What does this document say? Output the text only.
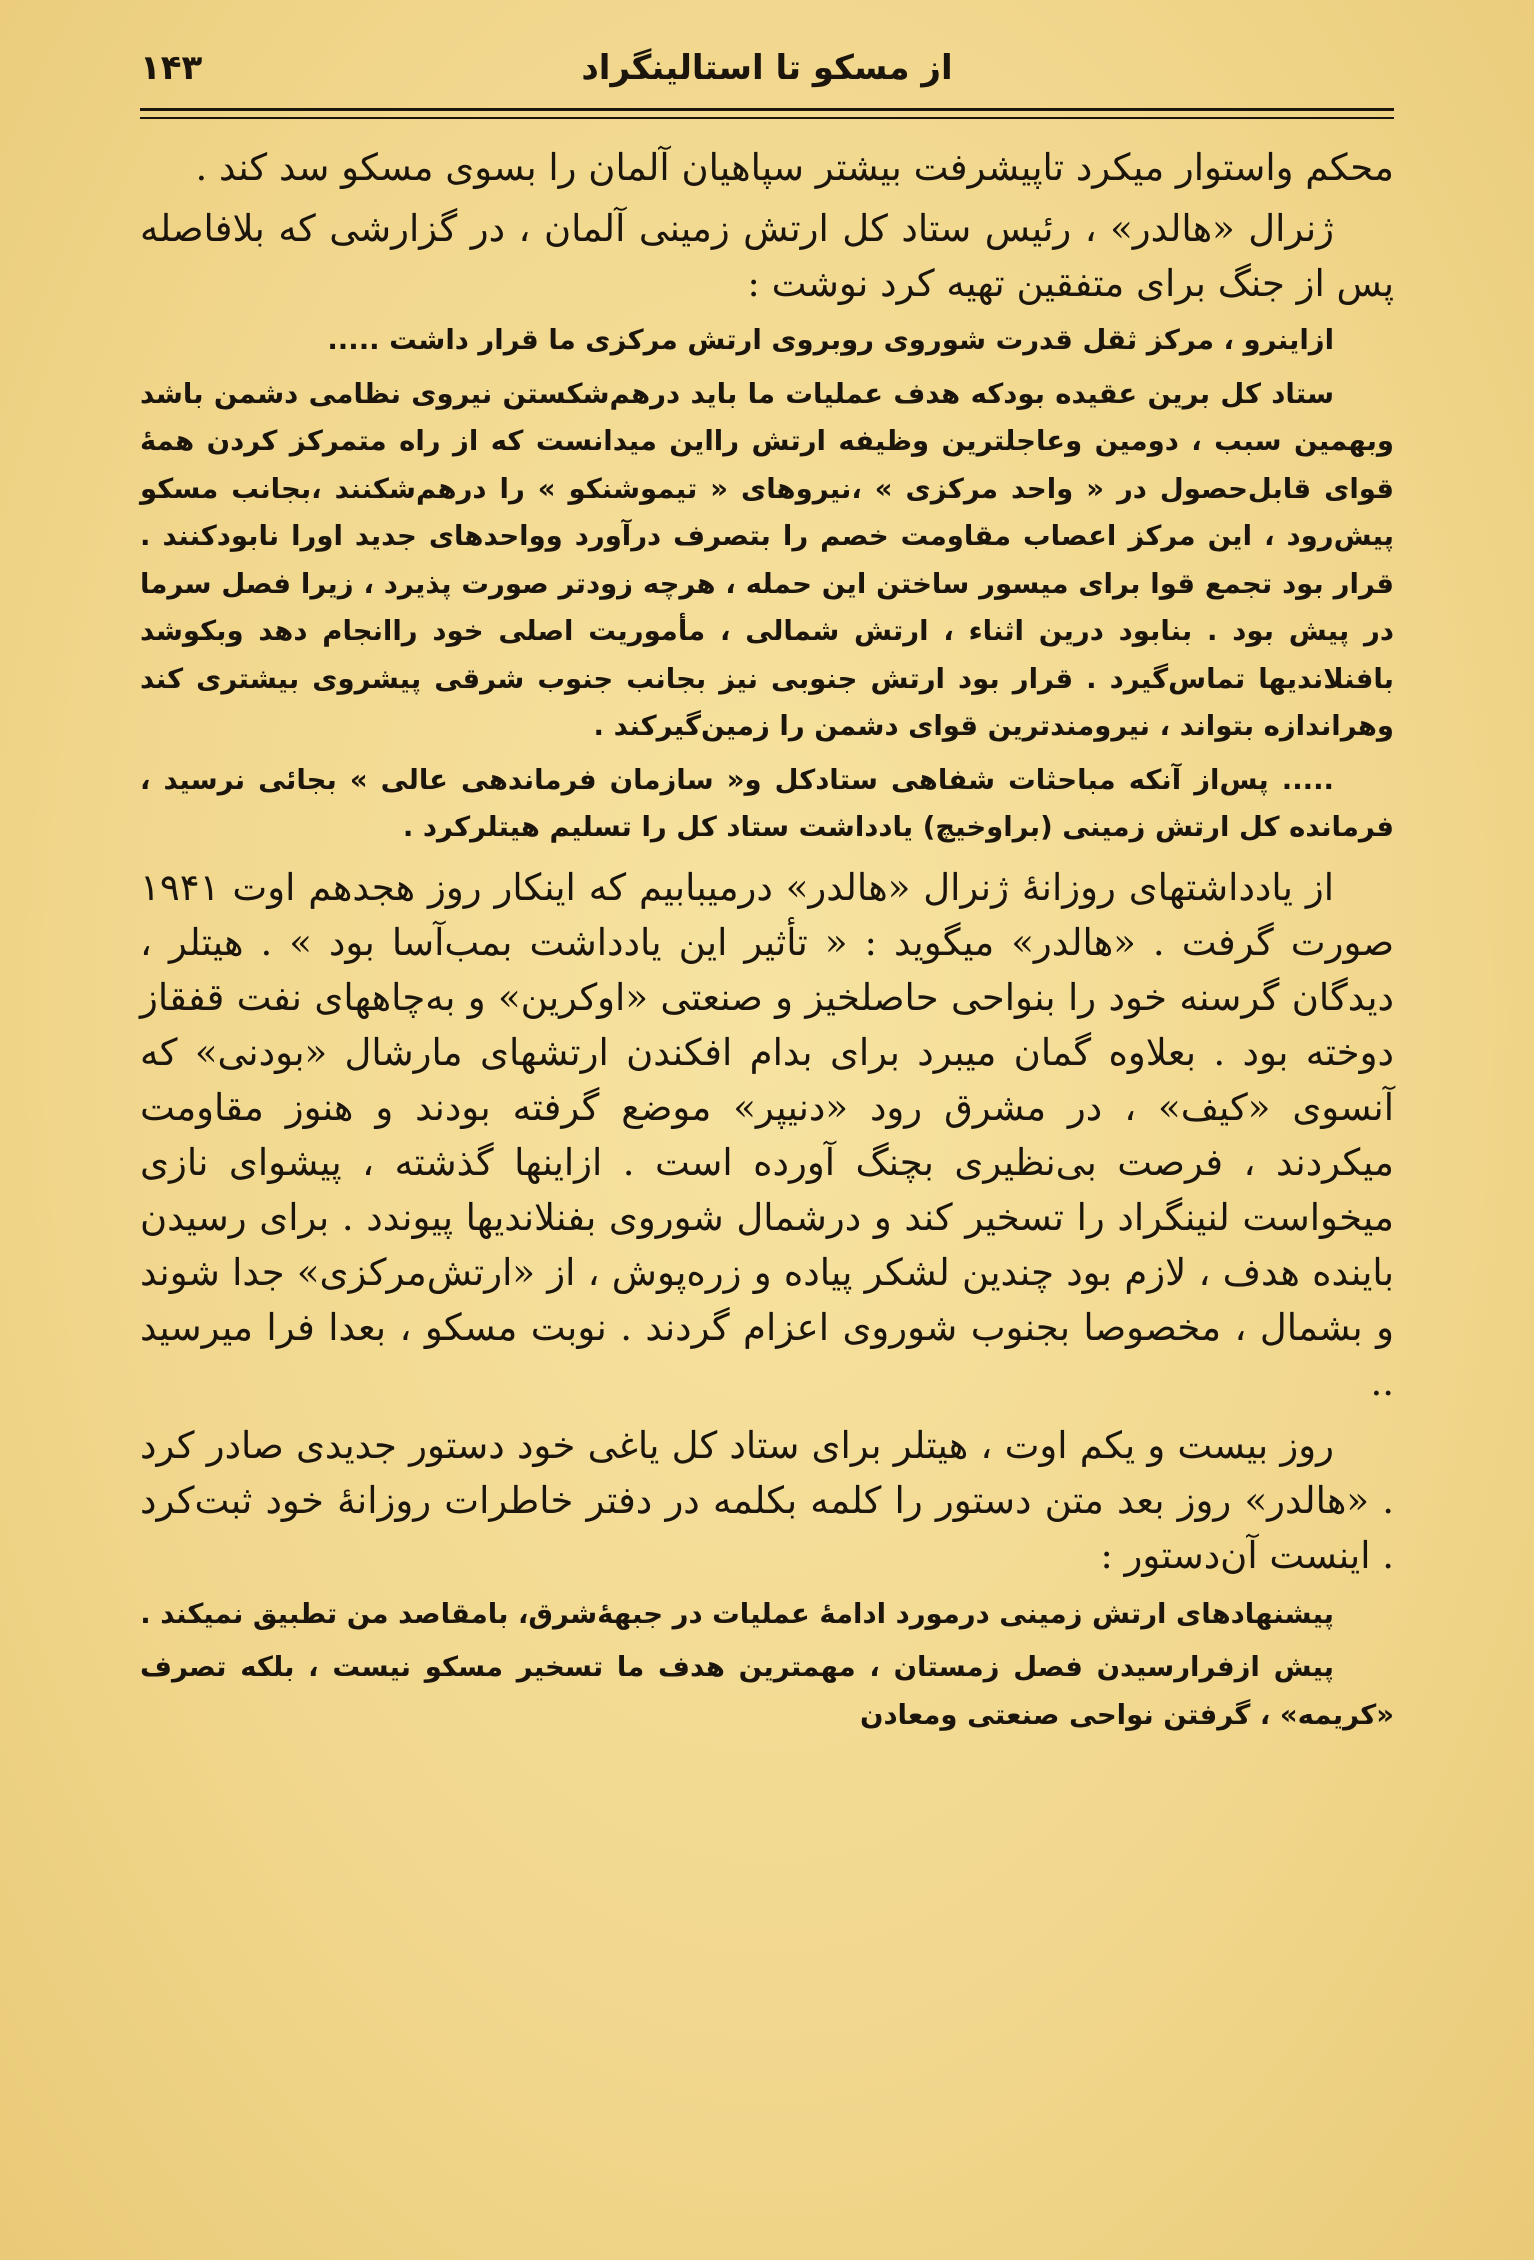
۱۴۳	از مسکو تا استالینگراد

محکم واستوار میکرد تاپیشرفت بیشتر سپاهیان آلمان را بسوی مسکو سد کند .

ژنرال «هالدر» ، رئیس ستاد کل ارتش زمینی آلمان ، در گزارشی که بلافاصله پس از جنگ برای متفقین تهیه کرد نوشت :

ازاینرو ، مرکز ثقل قدرت شوروی روبروی ارتش مرکزی ما قرار داشت .....

ستاد کل برین عقیده بودکه هدف عملیات ما باید درهم‌شکستن نیروی نظامی دشمن باشد وبهمین سبب ، دومین وعاجلترین وظیفه ارتش رااین میدانست که از راه متمرکز کردن همهٔ قوای قابل‌حصول در « واحد مرکزی » ،نیروهای « تیموشنکو » را درهم‌شکنند ،بجانب مسکو پیش‌رود ، این مرکز اعصاب مقاومت خصم را بتصرف درآورد وواحدهای جدید اورا نابودکنند . قرار بود تجمع قوا برای میسور ساختن این حمله ، هرچه زودتر صورت پذیرد ، زیرا فصل سرما در پیش بود . بنابود درین اثناء ، ارتش شمالی ، مأموریت اصلی خود راانجام دهد وبکوشد بافنلاندیها تماس‌گیرد . قرار بود ارتش جنوبی نیز بجانب جنوب شرقی پیشروی بیشتری کند وهراندازه بتواند ، نیرومندترین قوای دشمن را زمین‌گیرکند .

..... پس‌از آنکه مباحثات شفاهی ستادکل و« سازمان فرماندهی عالی » بجائی نرسید ، فرمانده کل ارتش زمینی (براوخیچ) یادداشت ستاد کل را تسلیم هیتلرکرد .

از یادداشتهای روزانهٔ ژنرال «هالدر» درمیبابیم که اینکار روز هجدهم اوت ۱۹۴۱ صورت گرفت . «هالدر» میگوید : « تأثیر این یادداشت بمب‌آسا بود » . هیتلر ، دیدگان گرسنه خود را بنواحی حاصلخیز و صنعتی «اوکرین» و به‌چاههای نفت قفقاز دوخته بود . بعلاوه گمان میبرد برای بدام افکندن ارتشهای مارشال «بودنی» که آنسوی «کیف» ، در مشرق رود «دنیپر» موضع گرفته بودند و هنوز مقاومت میکردند ، فرصت بی‌نظیری بچنگ آورده است . ازاینها گذشته ، پیشوای نازی میخواست لنینگراد را تسخیر کند و درشمال شوروی بفنلاندیها پیوندد . برای رسیدن باینده هدف ، لازم بود چندین لشکر پیاده و زره‌پوش ، از «ارتش‌مرکزی» جدا شوند و بشمال ، مخصوصا بجنوب شوروی اعزام گردند . نوبت مسکو ، بعدا فرا میرسید ..

روز بیست و یکم اوت ، هیتلر برای ستاد کل یاغی خود دستور جدیدی صادر کرد . «هالدر» روز بعد متن دستور را کلمه بکلمه در دفتر خاطرات روزانهٔ خود ثبت‌کرد . اینست آن‌دستور :

پیشنهادهای ارتش زمینی درمورد ادامهٔ عملیات در جبههٔ‌شرق، بامقاصد من تطبیق نمیکند .

پیش ازفرارسیدن فصل زمستان ، مهمترین هدف ما تسخیر مسکو نیست ، بلکه تصرف «کریمه» ، گرفتن نواحی صنعتی ومعادن
